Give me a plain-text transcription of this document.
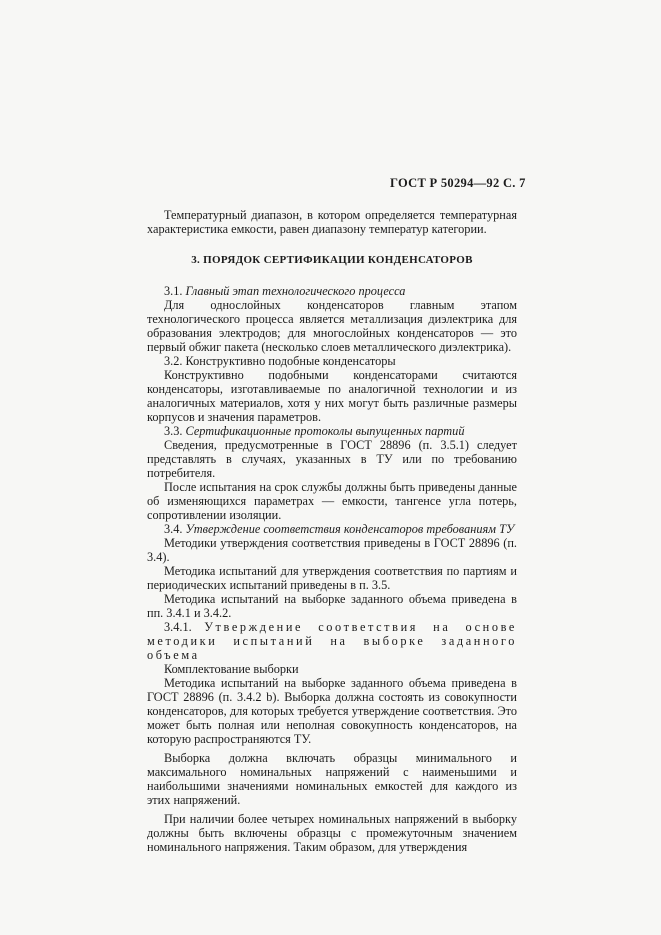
ГОСТ Р 50294—92 С. 7

Температурный диапазон, в котором определяется температурная характеристика емкости, равен диапазону температур категории.

3. ПОРЯДОК СЕРТИФИКАЦИИ КОНДЕНСАТОРОВ

3.1. Главный этап технологического процесса

Для однослойных конденсаторов главным этапом технологического процесса является металлизация диэлектрика для образования электродов; для многослойных конденсаторов — это первый обжиг пакета (несколько слоев металлического диэлектрика).

3.2. Конструктивно подобные конденсаторы

Конструктивно подобными конденсаторами считаются конденсаторы, изготавливаемые по аналогичной технологии и из аналогичных материалов, хотя у них могут быть различные размеры корпусов и значения параметров.

3.3. Сертификационные протоколы выпущенных партий

Сведения, предусмотренные в ГОСТ 28896 (п. 3.5.1) следует представлять в случаях, указанных в ТУ или по требованию потребителя.

После испытания на срок службы должны быть приведены данные об изменяющихся параметрах — емкости, тангенсе угла потерь, сопротивлении изоляции.

3.4. Утверждение соответствия конденсаторов требованиям ТУ

Методики утверждения соответствия приведены в ГОСТ 28896 (п. 3.4).

Методика испытаний для утверждения соответствия по партиям и периодических испытаний приведены в п. 3.5.

Методика испытаний на выборке заданного объема приведена в пп. 3.4.1 и 3.4.2.

3.4.1. Утверждение соответствия на основе методики испытаний на выборке заданного объема

Комплектование выборки

Методика испытаний на выборке заданного объема приведена в ГОСТ 28896 (п. 3.4.2 b). Выборка должна состоять из совокупности конденсаторов, для которых требуется утверждение соответствия. Это может быть полная или неполная совокупность конденсаторов, на которую распространяются ТУ.

Выборка должна включать образцы минимального и максимального номинальных напряжений с наименьшими и наибольшими значениями номинальных емкостей для каждого из этих напряжений.

При наличии более четырех номинальных напряжений в выборку должны быть включены образцы с промежуточным значением номинального напряжения. Таким образом, для утверждения
